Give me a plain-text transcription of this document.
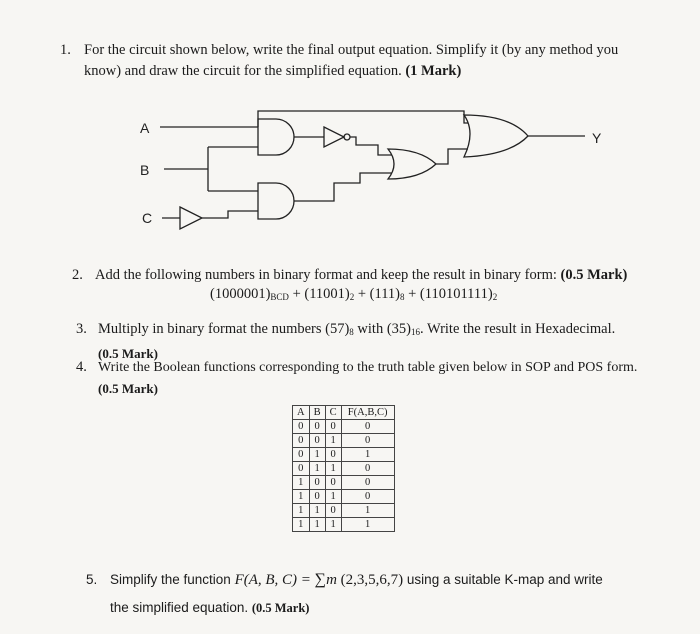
1. For the circuit shown below, write the final output equation. Simplify it (by any method you
know) and draw the circuit for the simplified equation. (1 Mark)
A
B
C
Y
2. Add the following numbers in binary format and keep the result in binary form: (0.5 Mark)
$(1000001)_{BCD} + (11001)_2 + (111)_8 + (110101111)_2$
3. Multiply in binary format the numbers $(57)_8$ with $(35)_{16}$. Write the result in Hexadecimal.
(0.5 Mark)
4. Write the Boolean functions corresponding to the truth table given below in SOP and POS form.
(0.5 Mark)
A	B	C	F(A,B,C)
0	0	0	0
0	0	1	0
0	1	0	1
0	1	1	0
1	0	0	0
1	0	1	0
1	1	0	1
1	1	1	1
5. Simplify the function F(A, B, C) = ∑m (2,3,5,6,7) using a suitable K-map and write
the simplified equation. (0.5 Mark)
